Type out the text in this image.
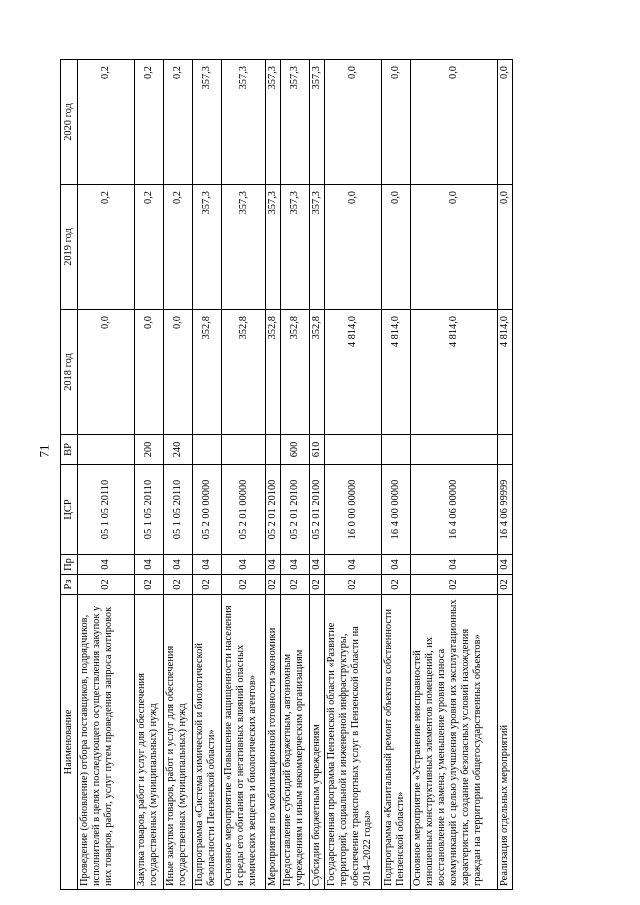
71
Наименование	Рз	Пр	ЦСР	ВР	2018 год	2019 год	2020 год
Проведение (обновление) отбора поставщиков, подрядчиков, исполнителей в целях последующего осуществления закупок у них товаров, работ, услуг путем проведения запроса котировок	02	04	05 1 05 20110		0,0	0,2	0,2
Закупка товаров, работ и услуг для обеспечения государственных (муниципальных) нужд	02	04	05 1 05 20110	200	0,0	0,2	0,2
Иные закупки товаров, работ и услуг для обеспечения государственных (муниципальных) нужд	02	04	05 1 05 20110	240	0,0	0,2	0,2
Подпрограмма «Система химической и биологической безопасности Пензенской области»	02	04	05 2 00 00000		352,8	357,3	357,3
Основное мероприятие «Повышение защищенности населения и среды его обитания от негативных влияний опасных химических веществ и биологических агентов»	02	04	05 2 01 00000		352,8	357,3	357,3
Мероприятия по мобилизационной готовности экономики	02	04	05 2 01 20100		352,8	357,3	357,3
Предоставление субсидий бюджетным, автономным учреждениям и иным некоммерческим организациям	02	04	05 2 01 20100	600	352,8	357,3	357,3
Субсидии бюджетным учреждениям	02	04	05 2 01 20100	610	352,8	357,3	357,3
Государственная программа Пензенской области «Развитие территорий, социальной и инженерной инфраструктуры, обеспечение транспортных услуг в Пензенской области на 2014–2022 годы»	02	04	16 0 00 00000		4 814,0	0,0	0,0
Подпрограмма «Капитальный ремонт объектов собственности Пензенской области»	02	04	16 4 00 00000		4 814,0	0,0	0,0
Основное мероприятие «Устранение неисправностей изношенных конструктивных элементов помещений, их восстановление и замена; уменьшение уровня износа коммуникаций с целью улучшения уровня их эксплуатационных характеристик, создание безопасных условий нахождения граждан на территории общегосударственных объектов»	02	04	16 4 06 00000		4 814,0	0,0	0,0
Реализация отдельных мероприятий	02	04	16 4 06 99999		4 814,0	0,0	0,0
